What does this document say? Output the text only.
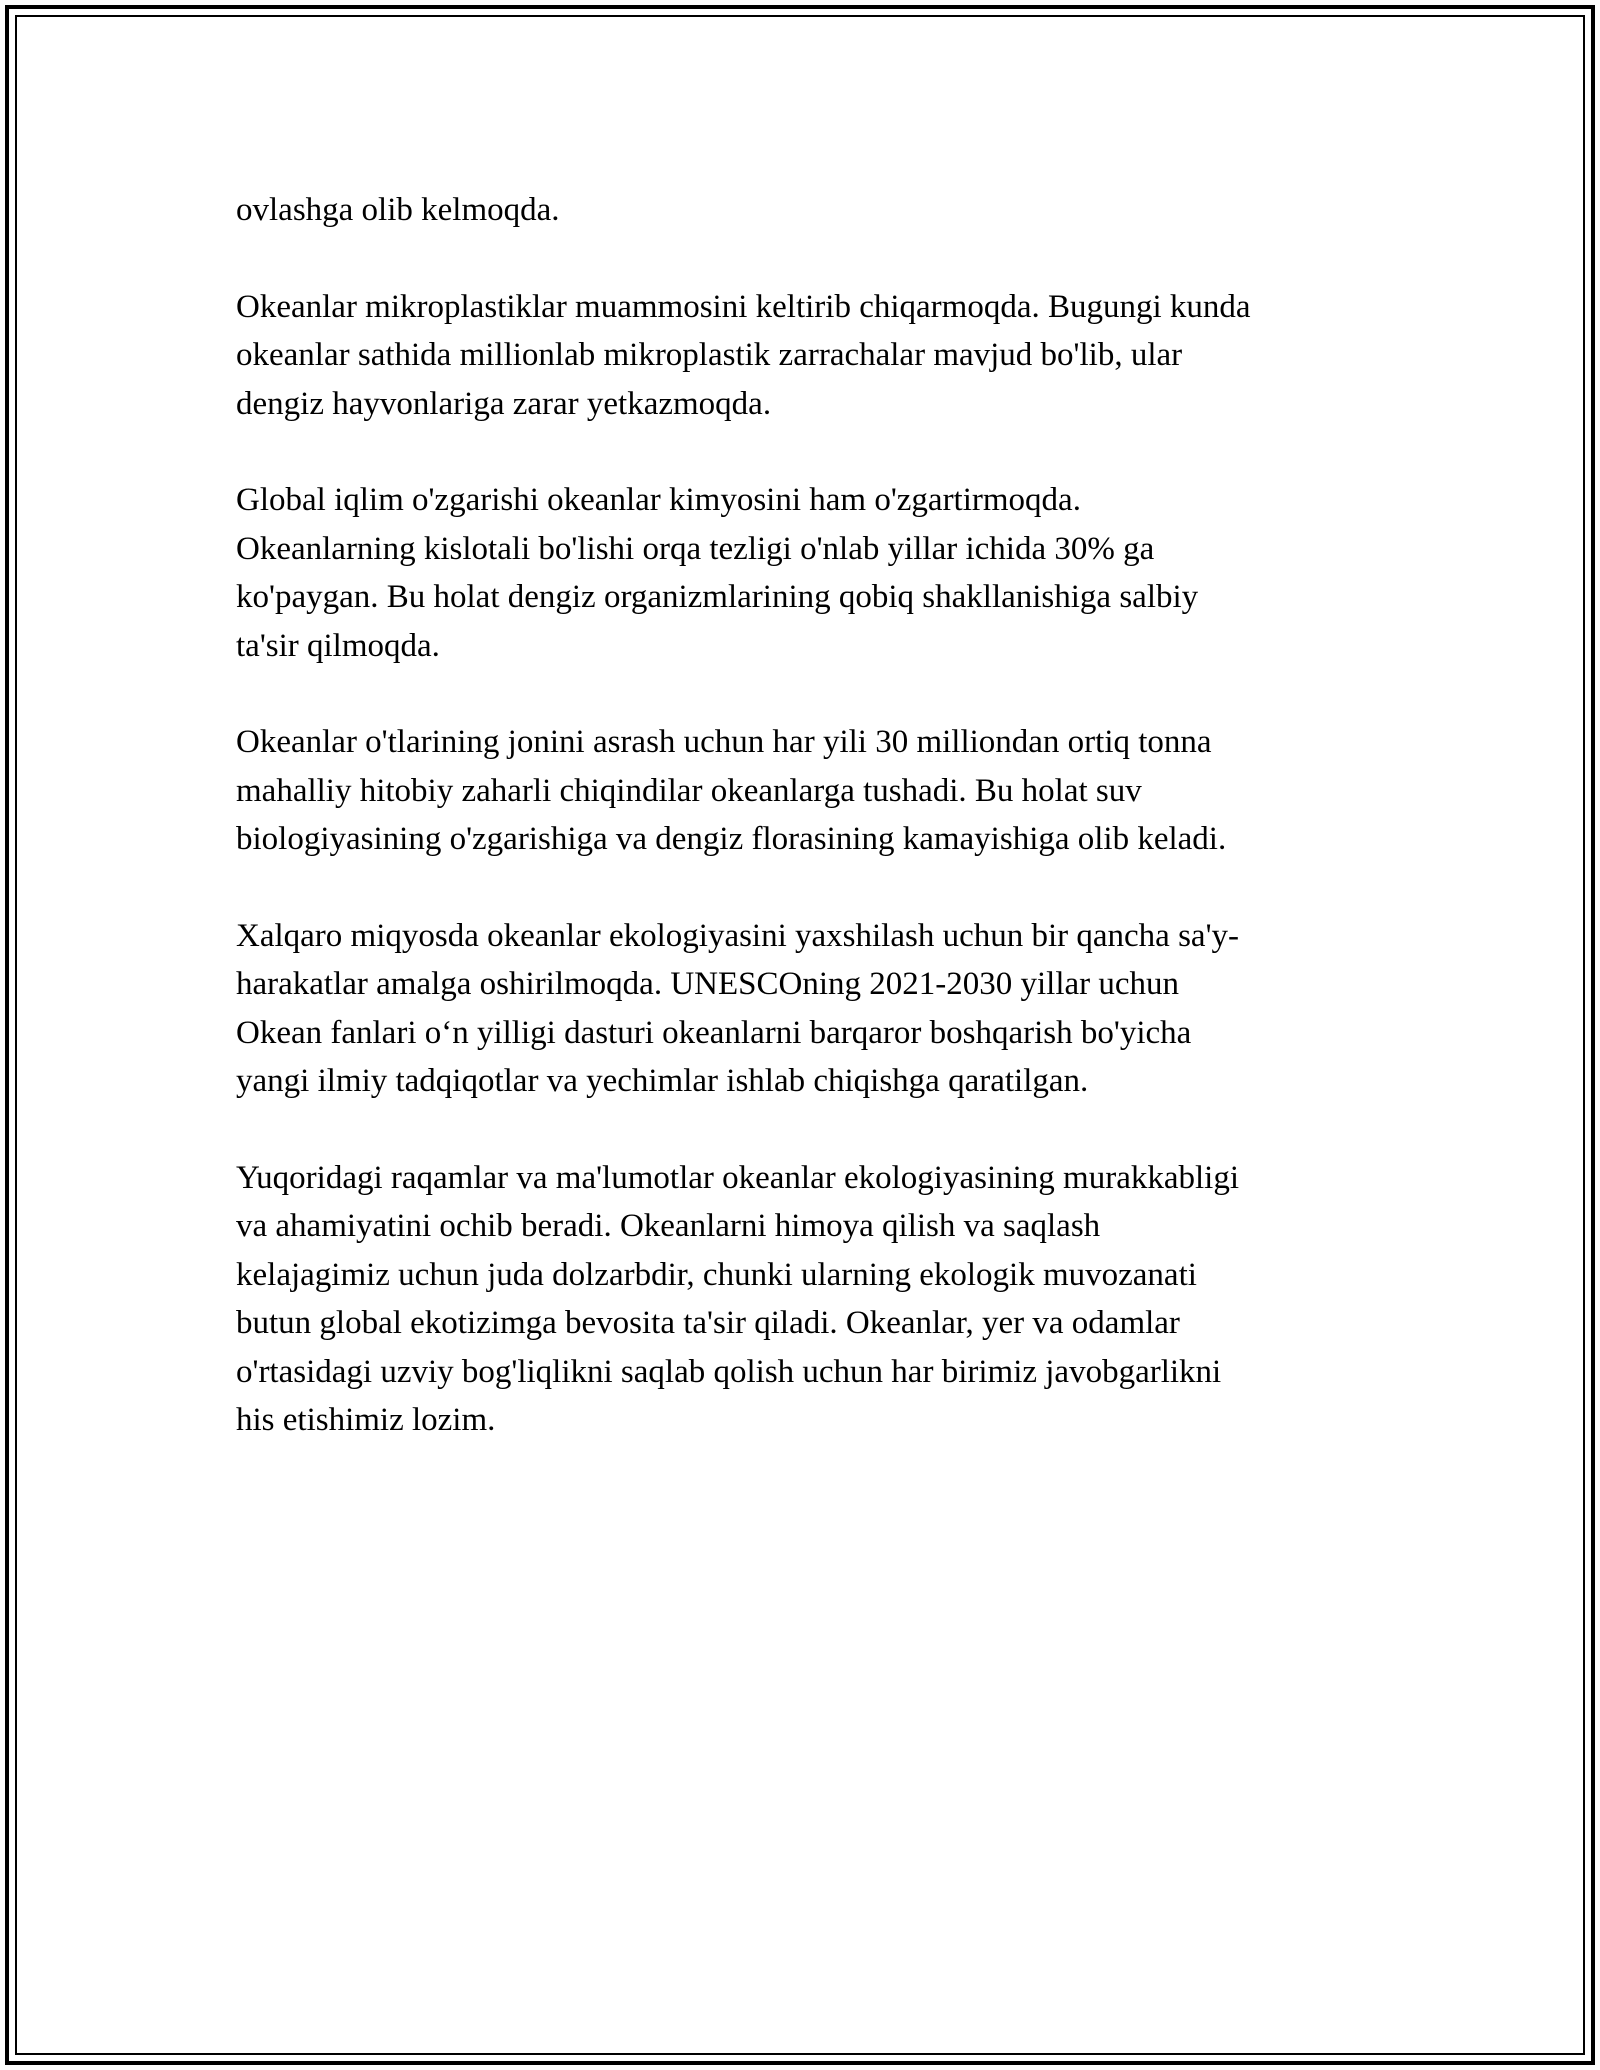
ovlashga olib kelmoqda.

Okeanlar mikroplastiklar muammosini keltirib chiqarmoqda. Bugungi kunda
okeanlar sathida millionlab mikroplastik zarrachalar mavjud bo'lib, ular
dengiz hayvonlariga zarar yetkazmoqda.

Global iqlim o'zgarishi okeanlar kimyosini ham o'zgartirmoqda.
Okeanlarning kislotali bo'lishi orqa tezligi o'nlab yillar ichida 30% ga
ko'paygan. Bu holat dengiz organizmlarining qobiq shakllanishiga salbiy
ta'sir qilmoqda.

Okeanlar o'tlarining jonini asrash uchun har yili 30 milliondan ortiq tonna
mahalliy hitobiy zaharli chiqindilar okeanlarga tushadi. Bu holat suv
biologiyasining o'zgarishiga va dengiz florasining kamayishiga olib keladi.

Xalqaro miqyosda okeanlar ekologiyasini yaxshilash uchun bir qancha sa'y-
harakatlar amalga oshirilmoqda. UNESCOning 2021-2030 yillar uchun
Okean fanlari o‘n yilligi dasturi okeanlarni barqaror boshqarish bo'yicha
yangi ilmiy tadqiqotlar va yechimlar ishlab chiqishga qaratilgan.

Yuqoridagi raqamlar va ma'lumotlar okeanlar ekologiyasining murakkabligi
va ahamiyatini ochib beradi. Okeanlarni himoya qilish va saqlash
kelajagimiz uchun juda dolzarbdir, chunki ularning ekologik muvozanati
butun global ekotizimga bevosita ta'sir qiladi. Okeanlar, yer va odamlar
o'rtasidagi uzviy bog'liqlikni saqlab qolish uchun har birimiz javobgarlikni
his etishimiz lozim.
